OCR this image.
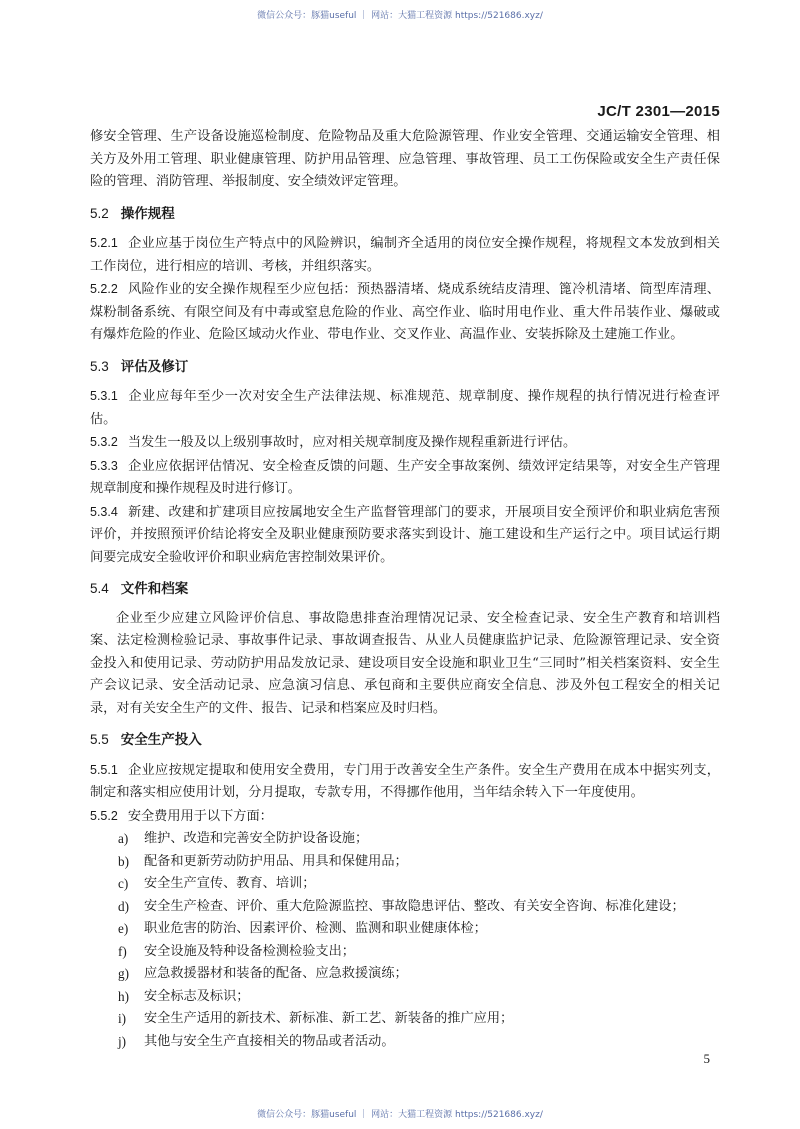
微信公众号：豚猫useful ｜ 网站：大猫工程资源 https://521686.xyz/
JC/T 2301—2015

修安全管理、生产设备设施巡检制度、危险物品及重大危险源管理、作业安全管理、交通运输安全管理、相关方及外用工管理、职业健康管理、防护用品管理、应急管理、事故管理、员工工伤保险或安全生产责任保险的管理、消防管理、举报制度、安全绩效评定管理。

5.2 操作规程

5.2.1 企业应基于岗位生产特点中的风险辨识，编制齐全适用的岗位安全操作规程，将规程文本发放到相关工作岗位，进行相应的培训、考核，并组织落实。

5.2.2 风险作业的安全操作规程至少应包括：预热器清堵、烧成系统结皮清理、篦冷机清堵、筒型库清理、煤粉制备系统、有限空间及有中毒或窒息危险的作业、高空作业、临时用电作业、重大件吊装作业、爆破或有爆炸危险的作业、危险区域动火作业、带电作业、交叉作业、高温作业、安装拆除及土建施工作业。

5.3 评估及修订

5.3.1 企业应每年至少一次对安全生产法律法规、标准规范、规章制度、操作规程的执行情况进行检查评估。

5.3.2 当发生一般及以上级别事故时，应对相关规章制度及操作规程重新进行评估。

5.3.3 企业应依据评估情况、安全检查反馈的问题、生产安全事故案例、绩效评定结果等，对安全生产管理规章制度和操作规程及时进行修订。

5.3.4 新建、改建和扩建项目应按属地安全生产监督管理部门的要求，开展项目安全预评价和职业病危害预评价，并按照预评价结论将安全及职业健康预防要求落实到设计、施工建设和生产运行之中。项目试运行期间要完成安全验收评价和职业病危害控制效果评价。

5.4 文件和档案

企业至少应建立风险评价信息、事故隐患排查治理情况记录、安全检查记录、安全生产教育和培训档案、法定检测检验记录、事故事件记录、事故调查报告、从业人员健康监护记录、危险源管理记录、安全资金投入和使用记录、劳动防护用品发放记录、建设项目安全设施和职业卫生“三同时”相关档案资料、安全生产会议记录、安全活动记录、应急演习信息、承包商和主要供应商安全信息、涉及外包工程安全的相关记录，对有关安全生产的文件、报告、记录和档案应及时归档。

5.5 安全生产投入

5.5.1 企业应按规定提取和使用安全费用，专门用于改善安全生产条件。安全生产费用在成本中据实列支，制定和落实相应使用计划，分月提取，专款专用，不得挪作他用，当年结余转入下一年度使用。

5.5.2 安全费用用于以下方面：

a)	维护、改造和完善安全防护设备设施；
b)	配备和更新劳动防护用品、用具和保健用品；
c)	安全生产宣传、教育、培训；
d)	安全生产检查、评价、重大危险源监控、事故隐患评估、整改、有关安全咨询、标准化建设；
e)	职业危害的防治、因素评价、检测、监测和职业健康体检；
f)	安全设施及特种设备检测检验支出；
g)	应急救援器材和装备的配备、应急救援演练；
h)	安全标志及标识；
i)	安全生产适用的新技术、新标准、新工艺、新装备的推广应用；
j)	其他与安全生产直接相关的物品或者活动。
5
微信公众号：豚猫useful ｜ 网站：大猫工程资源 https://521686.xyz/
